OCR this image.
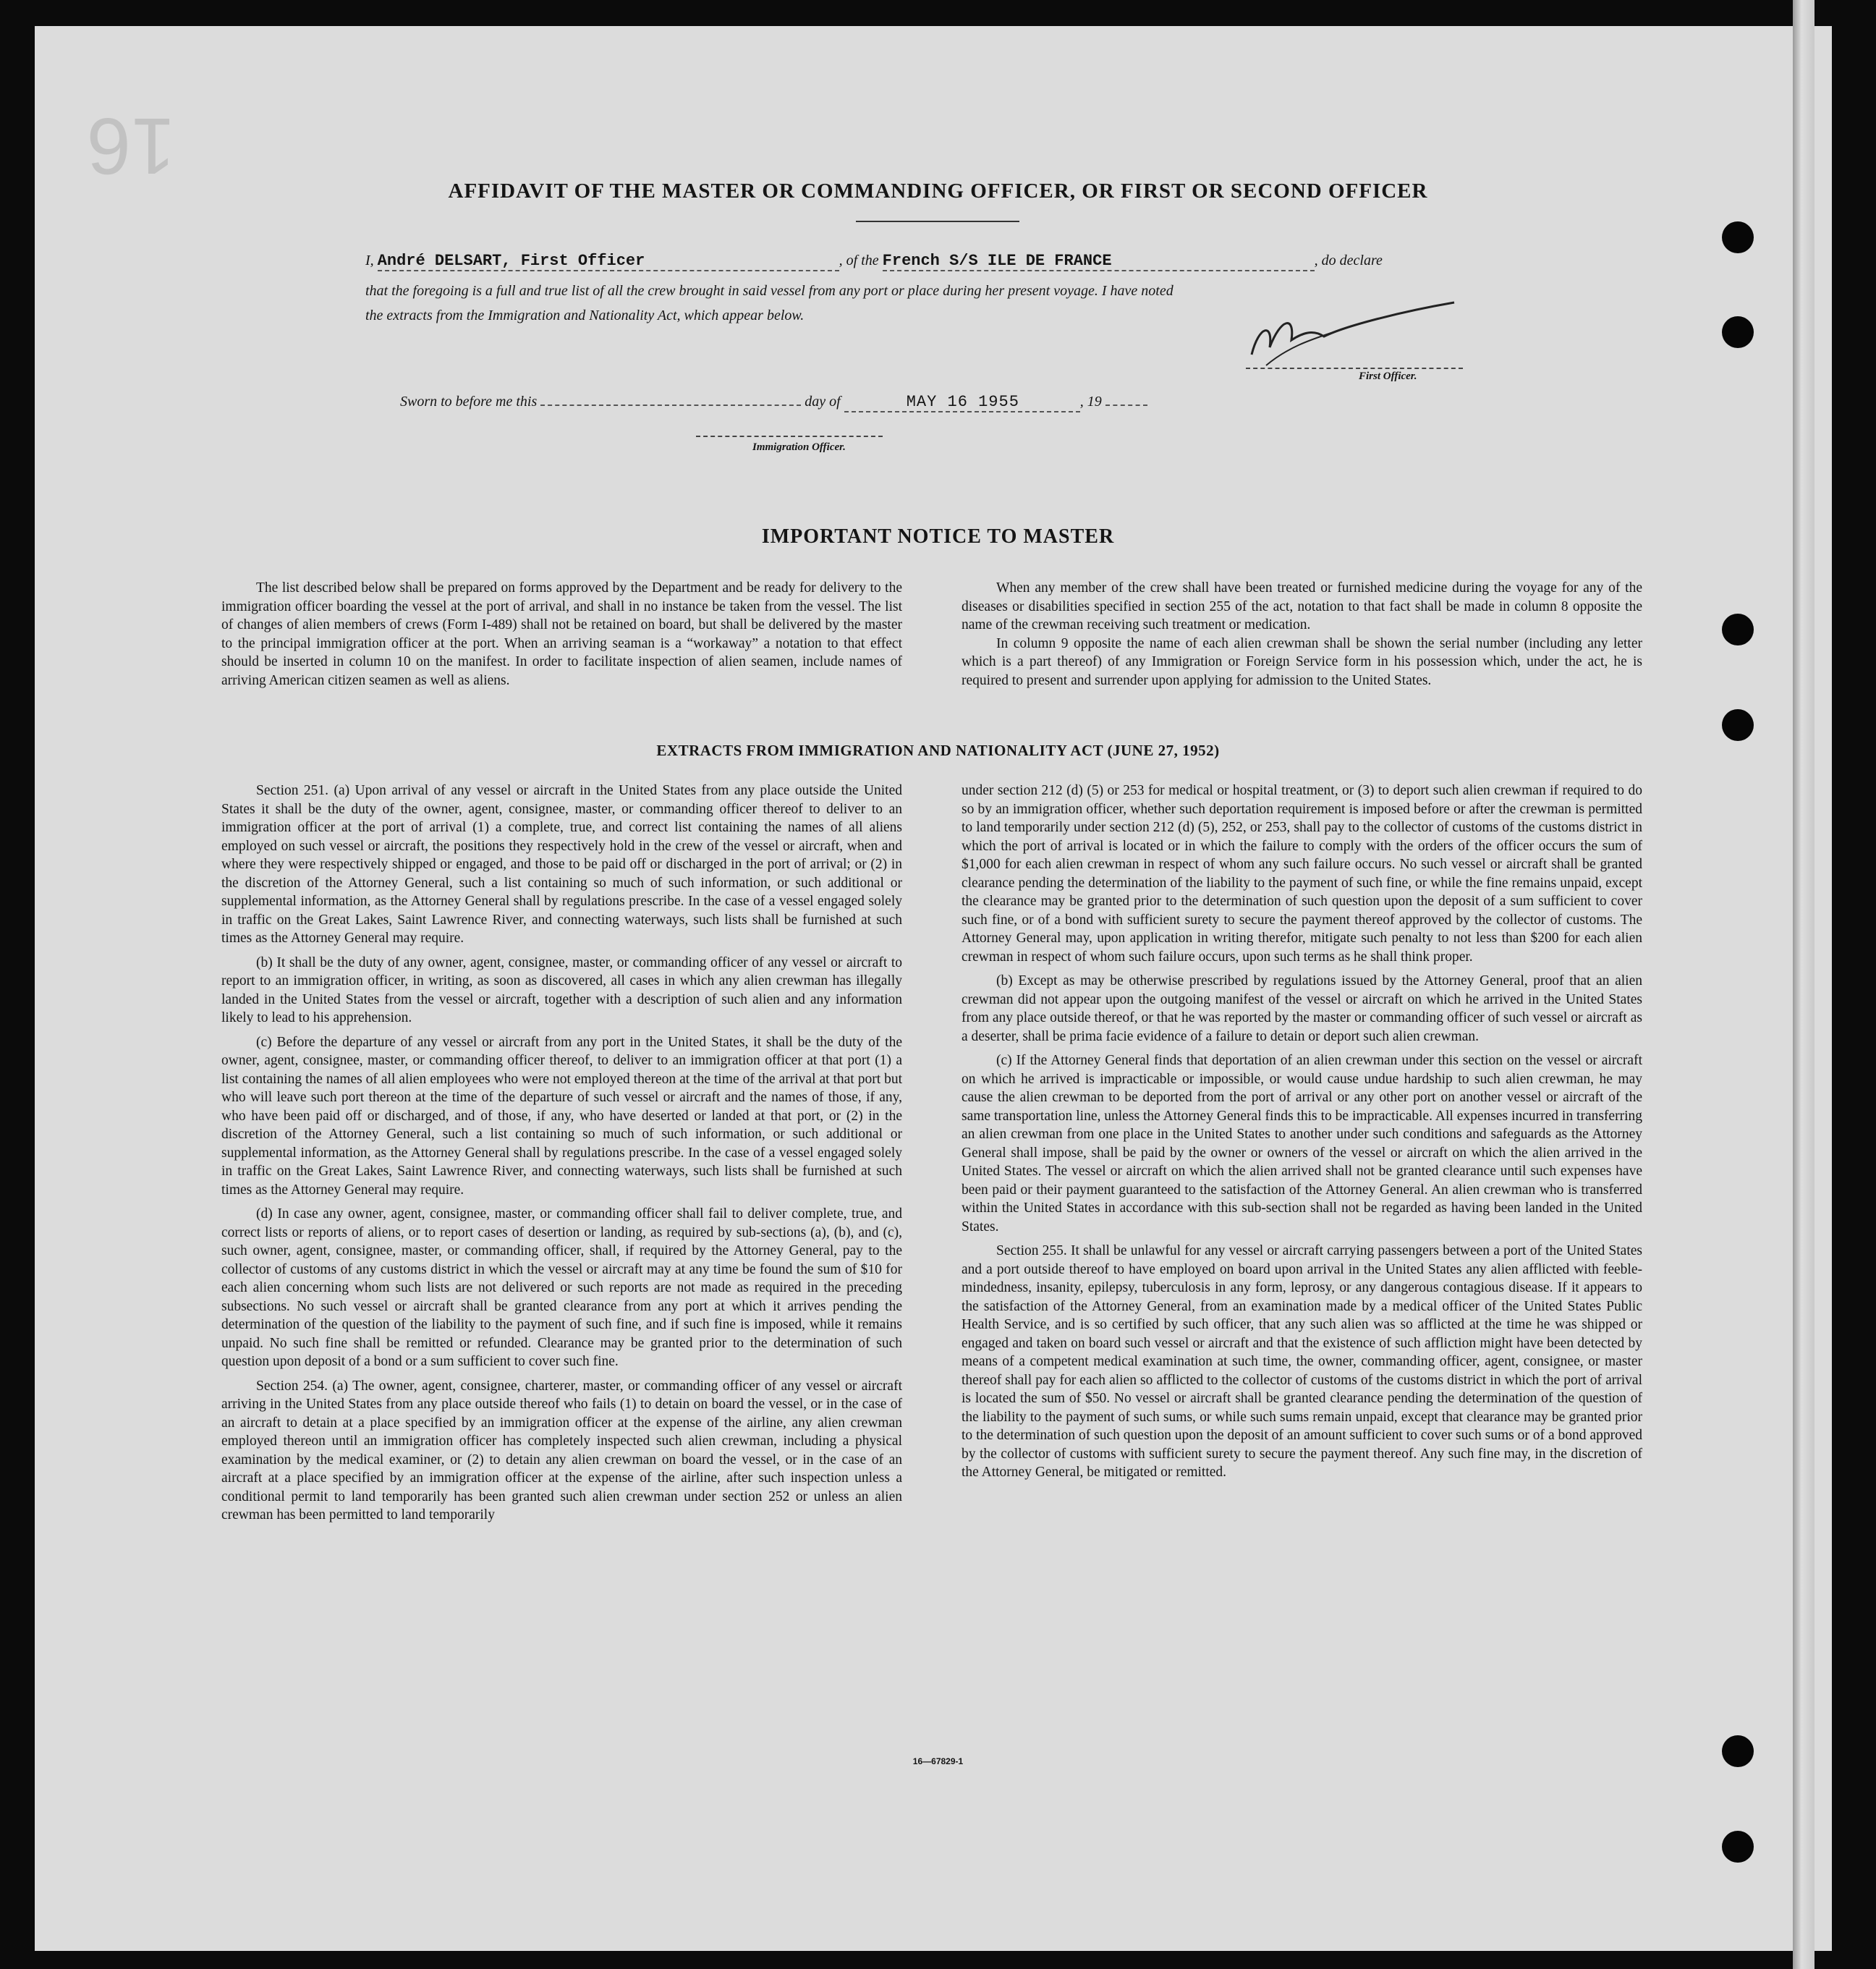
16
AFFIDAVIT OF THE MASTER OR COMMANDING OFFICER, OR FIRST OR SECOND OFFICER
I, André DELSART, First Officer	, of the French S/S ILE DE FRANCE	, do declare
that the foregoing is a full and true list of all the crew brought in said vessel from any port or place during her present voyage. I have noted
the extracts from the Immigration and Nationality Act, which appear below.
First Officer.
Sworn to before me this	day of	MAY 16 1955	, 19
Immigration Officer.
IMPORTANT NOTICE TO MASTER

The list described below shall be prepared on forms approved by the Department and be ready for delivery to the immigration officer boarding the vessel at the port of arrival, and shall in no instance be taken from the vessel. The list of changes of alien members of crews (Form I-489) shall not be retained on board, but shall be delivered by the master to the principal immigration officer at the port. When an arriving seaman is a “workaway” a notation to that effect should be inserted in column 10 on the manifest. In order to facilitate inspection of alien seamen, include names of arriving American citizen seamen as well as aliens.

When any member of the crew shall have been treated or furnished medicine during the voyage for any of the diseases or disabilities specified in section 255 of the act, notation to that fact shall be made in column 8 opposite the name of the crewman receiving such treatment or medication.

In column 9 opposite the name of each alien crewman shall be shown the serial number (including any letter which is a part thereof) of any Immigration or Foreign Service form in his possession which, under the act, he is required to present and surrender upon applying for admission to the United States.

EXTRACTS FROM IMMIGRATION AND NATIONALITY ACT (JUNE 27, 1952)

Section 251. (a) Upon arrival of any vessel or aircraft in the United States from any place outside the United States it shall be the duty of the owner, agent, consignee, master, or commanding officer thereof to deliver to an immigration officer at the port of arrival (1) a complete, true, and correct list containing the names of all aliens employed on such vessel or aircraft, the positions they respectively hold in the crew of the vessel or aircraft, when and where they were respectively shipped or engaged, and those to be paid off or discharged in the port of arrival; or (2) in the discretion of the Attorney General, such a list containing so much of such information, or such additional or supplemental information, as the Attorney General shall by regulations prescribe. In the case of a vessel engaged solely in traffic on the Great Lakes, Saint Lawrence River, and connecting waterways, such lists shall be furnished at such times as the Attorney General may require.

(b) It shall be the duty of any owner, agent, consignee, master, or commanding officer of any vessel or aircraft to report to an immigration officer, in writing, as soon as discovered, all cases in which any alien crewman has illegally landed in the United States from the vessel or aircraft, together with a description of such alien and any information likely to lead to his apprehension.

(c) Before the departure of any vessel or aircraft from any port in the United States, it shall be the duty of the owner, agent, consignee, master, or commanding officer thereof, to deliver to an immigration officer at that port (1) a list containing the names of all alien employees who were not employed thereon at the time of the arrival at that port but who will leave such port thereon at the time of the departure of such vessel or aircraft and the names of those, if any, who have been paid off or discharged, and of those, if any, who have deserted or landed at that port, or (2) in the discretion of the Attorney General, such a list containing so much of such information, or such additional or supplemental information, as the Attorney General shall by regulations prescribe. In the case of a vessel engaged solely in traffic on the Great Lakes, Saint Lawrence River, and connecting waterways, such lists shall be furnished at such times as the Attorney General may require.

(d) In case any owner, agent, consignee, master, or commanding officer shall fail to deliver complete, true, and correct lists or reports of aliens, or to report cases of desertion or landing, as required by sub-sections (a), (b), and (c), such owner, agent, consignee, master, or commanding officer, shall, if required by the Attorney General, pay to the collector of customs of any customs district in which the vessel or aircraft may at any time be found the sum of $10 for each alien concerning whom such lists are not delivered or such reports are not made as required in the preceding subsections. No such vessel or aircraft shall be granted clearance from any port at which it arrives pending the determination of the question of the liability to the payment of such fine, and if such fine is imposed, while it remains unpaid. No such fine shall be remitted or refunded. Clearance may be granted prior to the determination of such question upon deposit of a bond or a sum sufficient to cover such fine.

Section 254. (a) The owner, agent, consignee, charterer, master, or commanding officer of any vessel or aircraft arriving in the United States from any place outside thereof who fails (1) to detain on board the vessel, or in the case of an aircraft to detain at a place specified by an immigration officer at the expense of the airline, any alien crewman employed thereon until an immigration officer has completely inspected such alien crewman, including a physical examination by the medical examiner, or (2) to detain any alien crewman on board the vessel, or in the case of an aircraft at a place specified by an immigration officer at the expense of the airline, after such inspection unless a conditional permit to land temporarily has been granted such alien crewman under section 252 or unless an alien crewman has been permitted to land temporarily

under section 212 (d) (5) or 253 for medical or hospital treatment, or (3) to deport such alien crewman if required to do so by an immigration officer, whether such deportation requirement is imposed before or after the crewman is permitted to land temporarily under section 212 (d) (5), 252, or 253, shall pay to the collector of customs of the customs district in which the port of arrival is located or in which the failure to comply with the orders of the officer occurs the sum of $1,000 for each alien crewman in respect of whom any such failure occurs. No such vessel or aircraft shall be granted clearance pending the determination of the liability to the payment of such fine, or while the fine remains unpaid, except the clearance may be granted prior to the determination of such question upon the deposit of a sum sufficient to cover such fine, or of a bond with sufficient surety to secure the payment thereof approved by the collector of customs. The Attorney General may, upon application in writing therefor, mitigate such penalty to not less than $200 for each alien crewman in respect of whom such failure occurs, upon such terms as he shall think proper.

(b) Except as may be otherwise prescribed by regulations issued by the Attorney General, proof that an alien crewman did not appear upon the outgoing manifest of the vessel or aircraft on which he arrived in the United States from any place outside thereof, or that he was reported by the master or commanding officer of such vessel or aircraft as a deserter, shall be prima facie evidence of a failure to detain or deport such alien crewman.

(c) If the Attorney General finds that deportation of an alien crewman under this section on the vessel or aircraft on which he arrived is impracticable or impossible, or would cause undue hardship to such alien crewman, he may cause the alien crewman to be deported from the port of arrival or any other port on another vessel or aircraft of the same transportation line, unless the Attorney General finds this to be impracticable. All expenses incurred in transferring an alien crewman from one place in the United States to another under such conditions and safeguards as the Attorney General shall impose, shall be paid by the owner or owners of the vessel or aircraft on which the alien arrived in the United States. The vessel or aircraft on which the alien arrived shall not be granted clearance until such expenses have been paid or their payment guaranteed to the satisfaction of the Attorney General. An alien crewman who is transferred within the United States in accordance with this sub-section shall not be regarded as having been landed in the United States.

Section 255. It shall be unlawful for any vessel or aircraft carrying passengers between a port of the United States and a port outside thereof to have employed on board upon arrival in the United States any alien afflicted with feeble-mindedness, insanity, epilepsy, tuberculosis in any form, leprosy, or any dangerous contagious disease. If it appears to the satisfaction of the Attorney General, from an examination made by a medical officer of the United States Public Health Service, and is so certified by such officer, that any such alien was so afflicted at the time he was shipped or engaged and taken on board such vessel or aircraft and that the existence of such affliction might have been detected by means of a competent medical examination at such time, the owner, commanding officer, agent, consignee, or master thereof shall pay for each alien so afflicted to the collector of customs of the customs district in which the port of arrival is located the sum of $50. No vessel or aircraft shall be granted clearance pending the determination of the question of the liability to the payment of such sums, or while such sums remain unpaid, except that clearance may be granted prior to the determination of such question upon the deposit of an amount sufficient to cover such sums or of a bond approved by the collector of customs with sufficient surety to secure the payment thereof. Any such fine may, in the discretion of the Attorney General, be mitigated or remitted.

16—67829-1
